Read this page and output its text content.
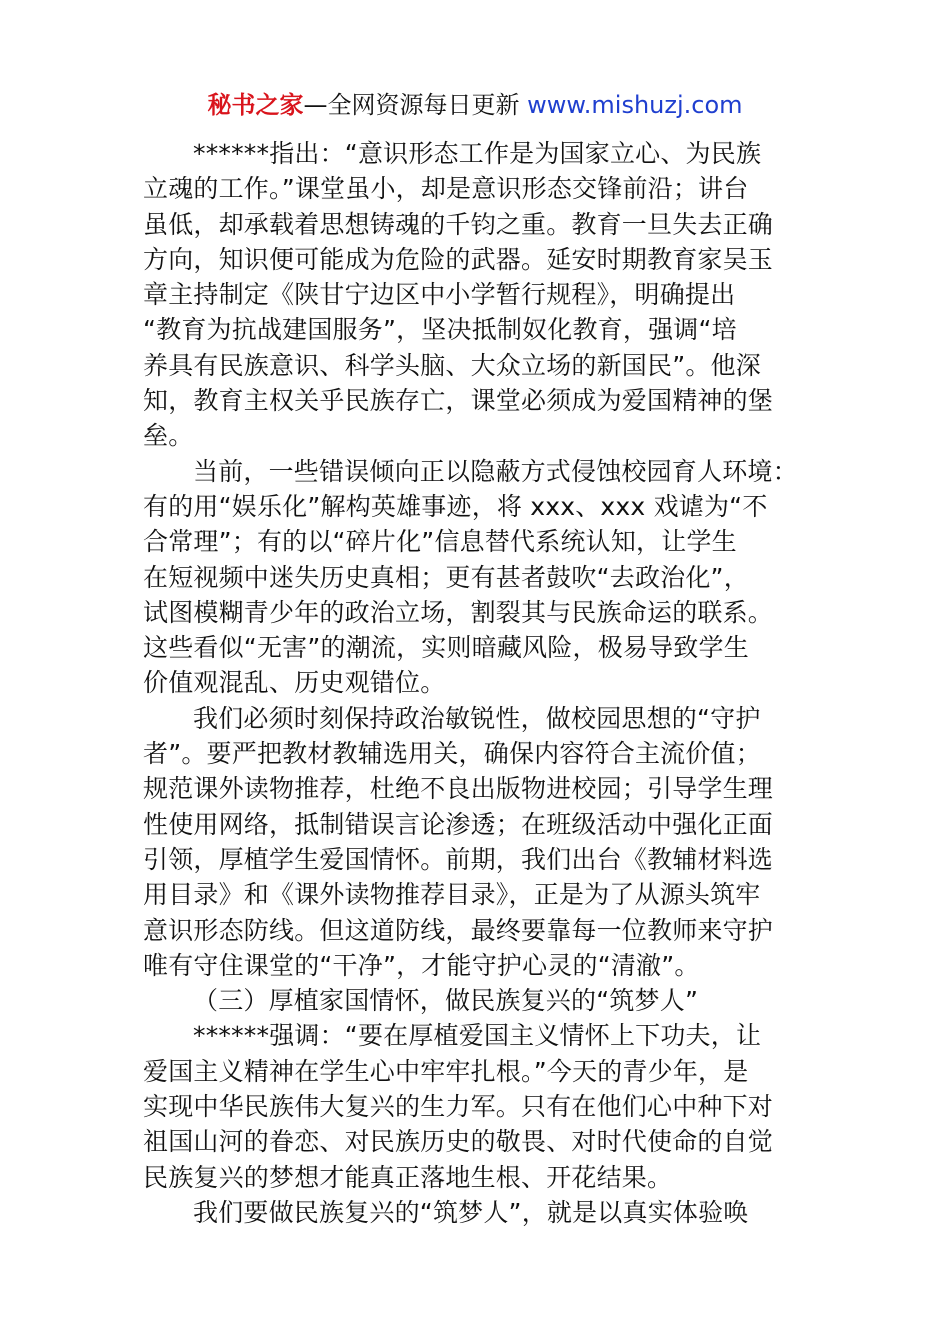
秘书之家—全网资源每日更新 www.mishuzj.com
******指出：“意识形态工作是为国家立心、为民族
立魂的工作。”课堂虽小，却是意识形态交锋前沿；讲台
虽低，却承载着思想铸魂的千钧之重。教育一旦失去正确
方向，知识便可能成为危险的武器。延安时期教育家吴玉
章主持制定《陕甘宁边区中小学暂行规程》，明确提出
“教育为抗战建国服务”，坚决抵制奴化教育，强调“培
养具有民族意识、科学头脑、大众立场的新国民”。他深
知，教育主权关乎民族存亡，课堂必须成为爱国精神的堡
垒。
当前，一些错误倾向正以隐蔽方式侵蚀校园育人环境：
有的用“娱乐化”解构英雄事迹，将 xxx、xxx 戏谑为“不
合常理”；有的以“碎片化”信息替代系统认知，让学生
在短视频中迷失历史真相；更有甚者鼓吹“去政治化”，
试图模糊青少年的政治立场，割裂其与民族命运的联系。
这些看似“无害”的潮流，实则暗藏风险，极易导致学生
价值观混乱、历史观错位。
我们必须时刻保持政治敏锐性，做校园思想的“守护
者”。要严把教材教辅选用关，确保内容符合主流价值；
规范课外读物推荐，杜绝不良出版物进校园；引导学生理
性使用网络，抵制错误言论渗透；在班级活动中强化正面
引领，厚植学生爱国情怀。前期，我们出台《教辅材料选
用目录》和《课外读物推荐目录》，正是为了从源头筑牢
意识形态防线。但这道防线，最终要靠每一位教师来守护
唯有守住课堂的“干净”，才能守护心灵的“清澈”。
（三）厚植家国情怀，做民族复兴的“筑梦人”
******强调：“要在厚植爱国主义情怀上下功夫，让
爱国主义精神在学生心中牢牢扎根。”今天的青少年，是
实现中华民族伟大复兴的生力军。只有在他们心中种下对
祖国山河的眷恋、对民族历史的敬畏、对时代使命的自觉
民族复兴的梦想才能真正落地生根、开花结果。
我们要做民族复兴的“筑梦人”，就是以真实体验唤
